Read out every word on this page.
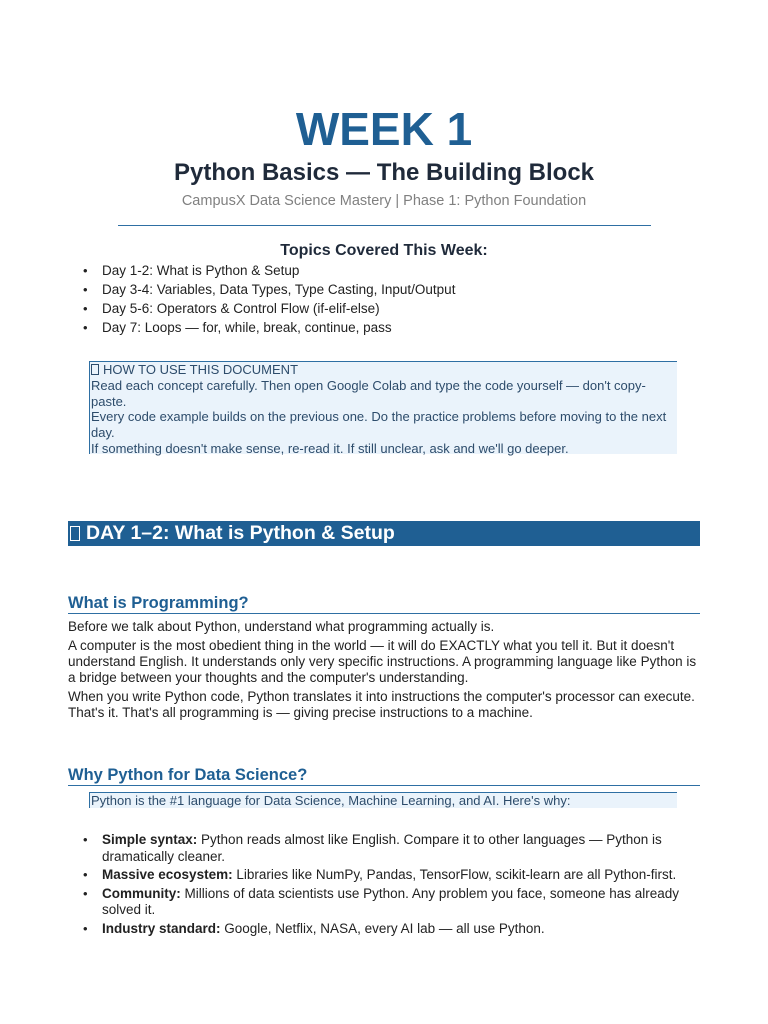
WEEK 1
Python Basics — The Building Block
CampusX Data Science Mastery | Phase 1: Python Foundation
Topics Covered This Week:
• Day 1-2: What is Python & Setup
• Day 3-4: Variables, Data Types, Type Casting, Input/Output
• Day 5-6: Operators & Control Flow (if-elif-else)
• Day 7: Loops — for, while, break, continue, pass

HOW TO USE THIS DOCUMENT

Read each concept carefully. Then open Google Colab and type the code yourself — don't copy-paste.

Every code example builds on the previous one. Do the practice problems before moving to the next day.

If something doesn't make sense, re-read it. If still unclear, ask and we'll go deeper.

DAY 1–2: What is Python & Setup
What is Programming?

Before we talk about Python, understand what programming actually is.

A computer is the most obedient thing in the world — it will do EXACTLY what you tell it. But it doesn't understand English. It understands only very specific instructions. A programming language like Python is a bridge between your thoughts and the computer's understanding.

When you write Python code, Python translates it into instructions the computer's processor can execute. That's it. That's all programming is — giving precise instructions to a machine.

Why Python for Data Science?
Python is the #1 language for Data Science, Machine Learning, and AI. Here's why:
• Simple syntax: Python reads almost like English. Compare it to other languages — Python is dramatically cleaner.
• Massive ecosystem: Libraries like NumPy, Pandas, TensorFlow, scikit-learn are all Python-first.
• Community: Millions of data scientists use Python. Any problem you face, someone has already solved it.
• Industry standard: Google, Netflix, NASA, every AI lab — all use Python.
